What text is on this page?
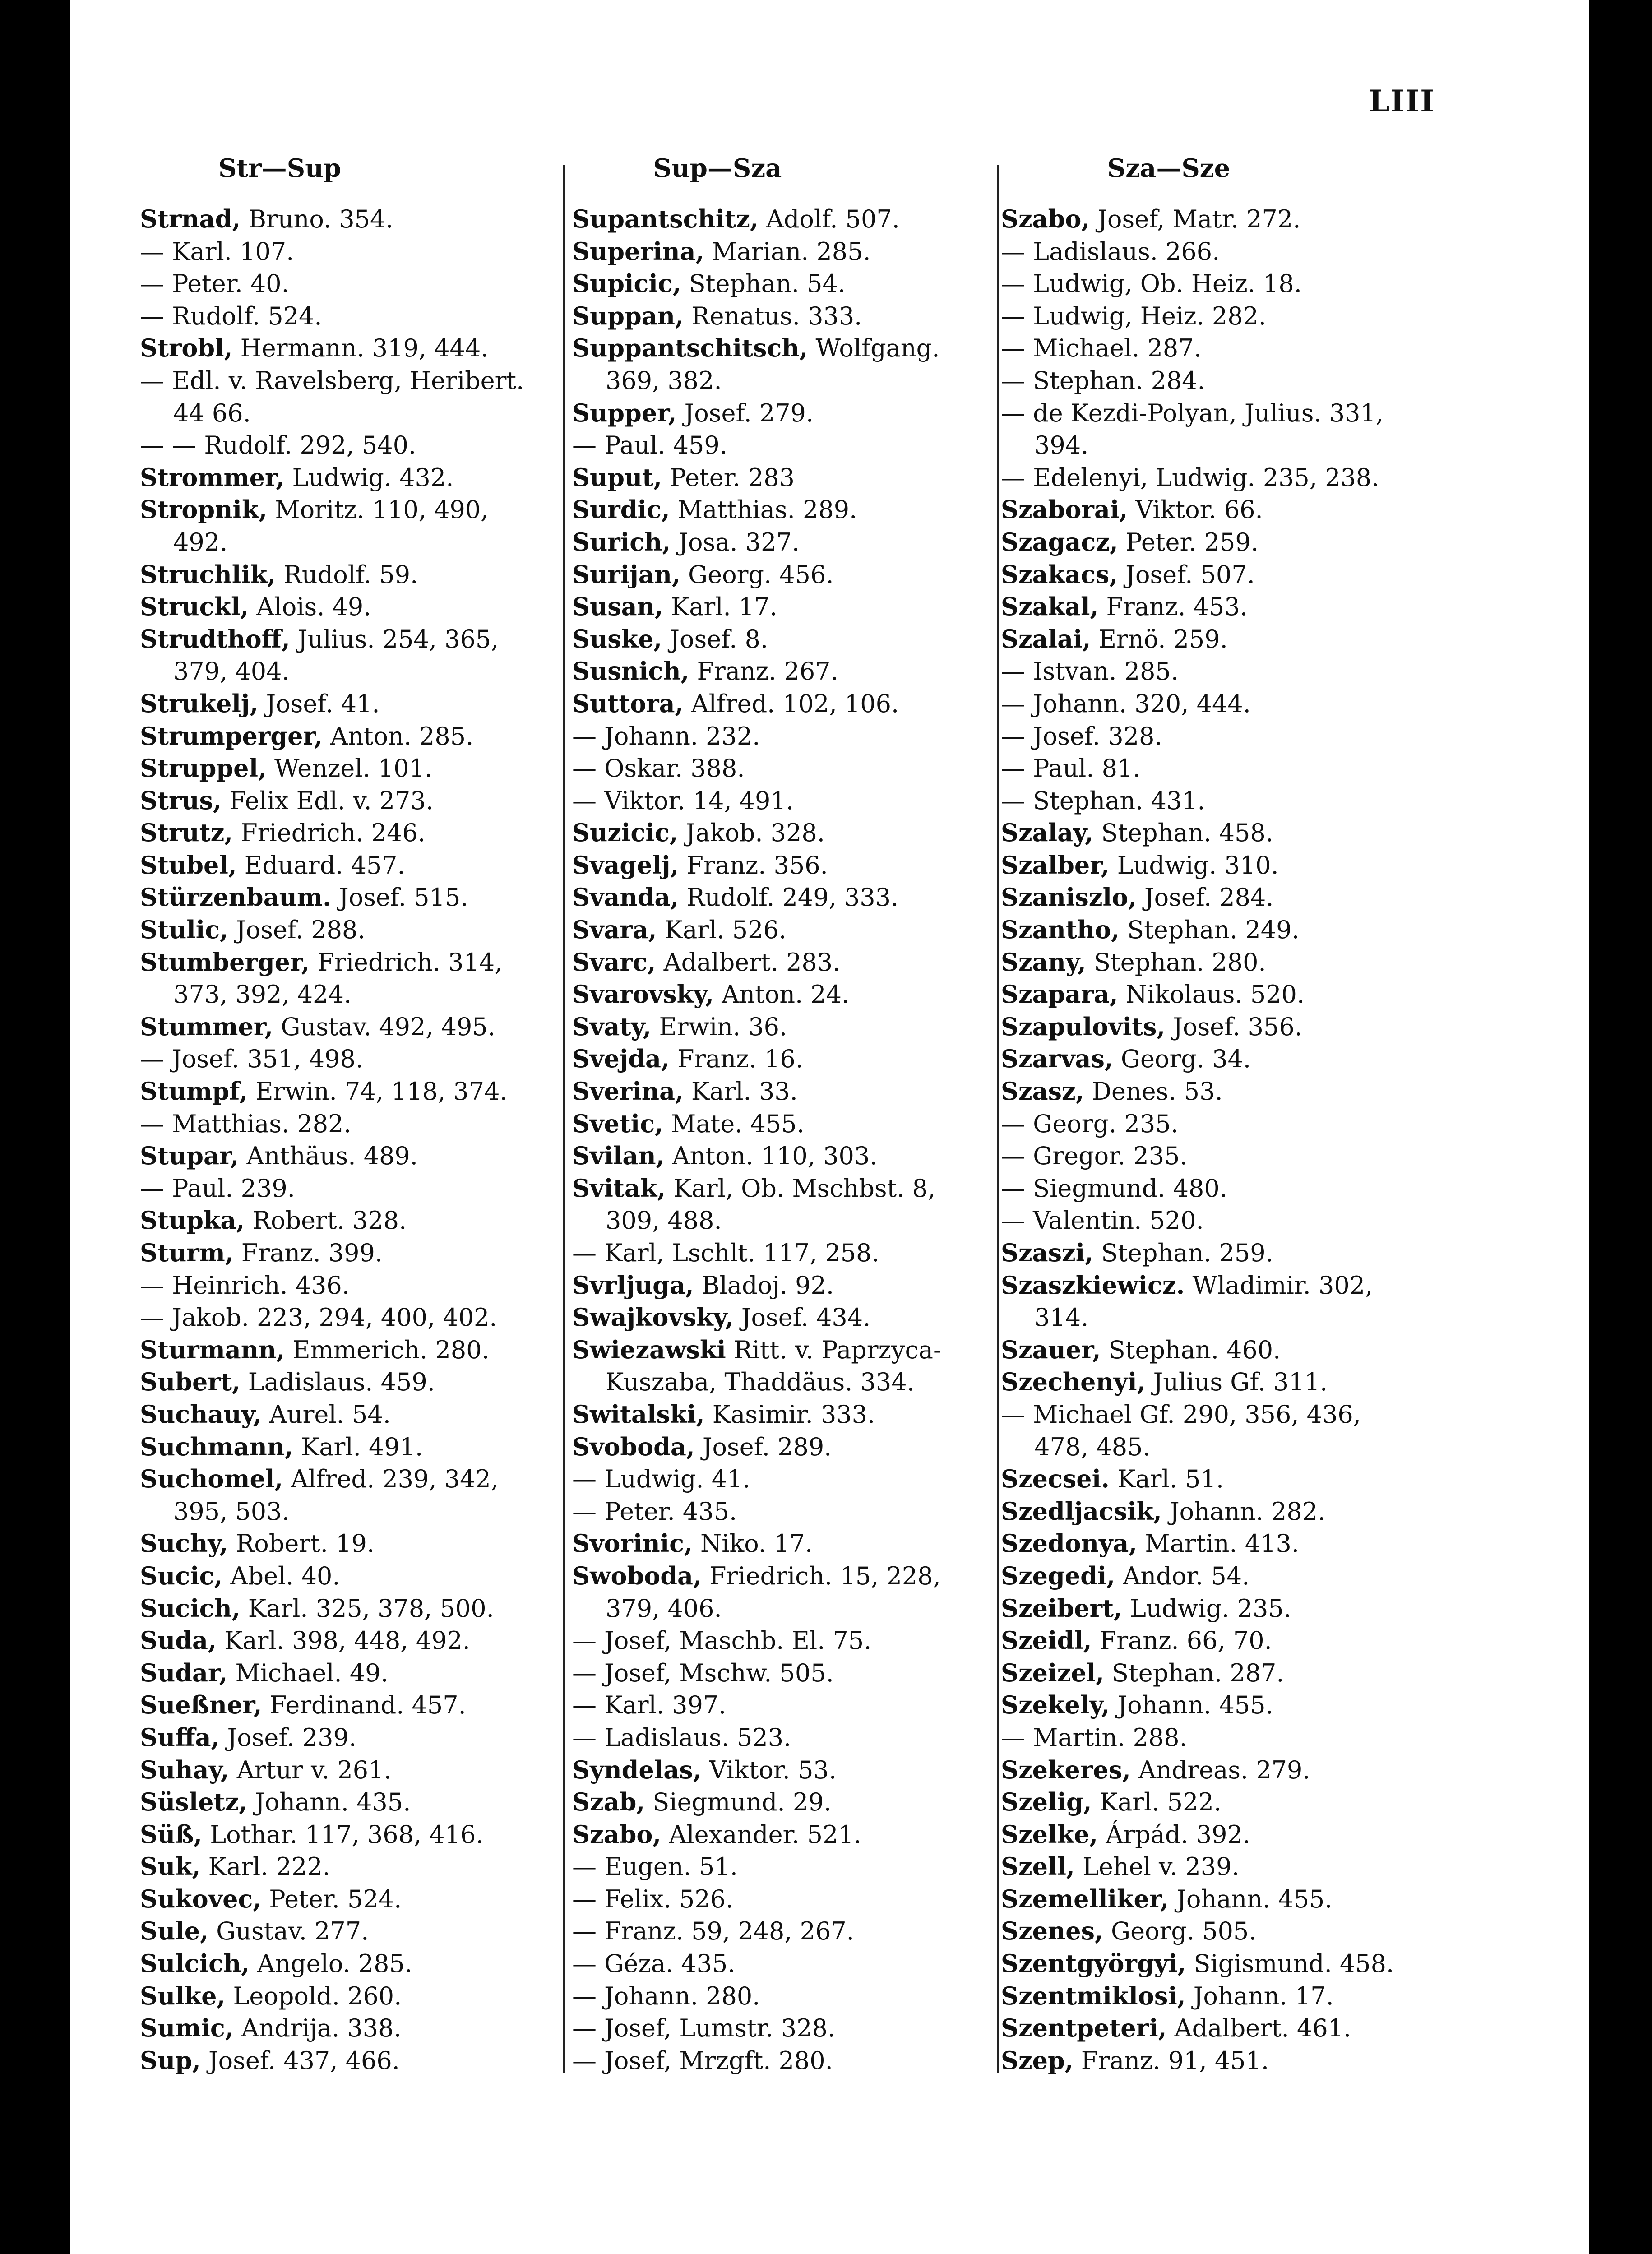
LIII
Str—Sup	Sup—Sza	Sza—Sze
Strnad, Bruno. 354.
— Karl. 107.
— Peter. 40.
— Rudolf. 524.
Strobl, Hermann. 319, 444.
— Edl. v. Ravelsberg, Heribert. 44 66.
— — Rudolf. 292, 540.
Strommer, Ludwig. 432.
Stropnik, Moritz. 110, 490, 492.
Struchlik, Rudolf. 59.
Struckl, Alois. 49.
Strudthoff, Julius. 254, 365, 379, 404.
Strukelj, Josef. 41.
Strumperger, Anton. 285.
Struppel, Wenzel. 101.
Strus, Felix Edl. v. 273.
Strutz, Friedrich. 246.
Stubel, Eduard. 457.
Stürzenbaum. Josef. 515.
Stulic, Josef. 288.
Stumberger, Friedrich. 314, 373, 392, 424.
Stummer, Gustav. 492, 495.
— Josef. 351, 498.
Stumpf, Erwin. 74, 118, 374.
— Matthias. 282.
Stupar, Anthäus. 489.
— Paul. 239.
Stupka, Robert. 328.
Sturm, Franz. 399.
— Heinrich. 436.
— Jakob. 223, 294, 400, 402.
Sturmann, Emmerich. 280.
Subert, Ladislaus. 459.
Suchauy, Aurel. 54.
Suchmann, Karl. 491.
Suchomel, Alfred. 239, 342, 395, 503.
Suchy, Robert. 19.
Sucic, Abel. 40.
Sucich, Karl. 325, 378, 500.
Suda, Karl. 398, 448, 492.
Sudar, Michael. 49.
Sueßner, Ferdinand. 457.
Suffa, Josef. 239.
Suhay, Artur v. 261.
Süsletz, Johann. 435.
Süß, Lothar. 117, 368, 416.
Suk, Karl. 222.
Sukovec, Peter. 524.
Sule, Gustav. 277.
Sulcich, Angelo. 285.
Sulke, Leopold. 260.
Sumic, Andrija. 338.
Sup, Josef. 437, 466.
Supantschitz, Adolf. 507.
Superina, Marian. 285.
Supicic, Stephan. 54.
Suppan, Renatus. 333.
Suppantschitsch, Wolfgang. 369, 382.
Supper, Josef. 279.
— Paul. 459.
Suput, Peter. 283
Surdic, Matthias. 289.
Surich, Josa. 327.
Surijan, Georg. 456.
Susan, Karl. 17.
Suske, Josef. 8.
Susnich, Franz. 267.
Suttora, Alfred. 102, 106.
— Johann. 232.
— Oskar. 388.
— Viktor. 14, 491.
Suzicic, Jakob. 328.
Svagelj, Franz. 356.
Svanda, Rudolf. 249, 333.
Svara, Karl. 526.
Svarc, Adalbert. 283.
Svarovsky, Anton. 24.
Svaty, Erwin. 36.
Svejda, Franz. 16.
Sverina, Karl. 33.
Svetic, Mate. 455.
Svilan, Anton. 110, 303.
Svitak, Karl, Ob. Mschbst. 8, 309, 488.
— Karl, Lschlt. 117, 258.
Svrljuga, Bladoj. 92.
Swajkovsky, Josef. 434.
Swiezawski Ritt. v. Paprzyca-Kuszaba, Thaddäus. 334.
Switalski, Kasimir. 333.
Svoboda, Josef. 289.
— Ludwig. 41.
— Peter. 435.
Svorinic, Niko. 17.
Swoboda, Friedrich. 15, 228, 379, 406.
— Josef, Maschb. El. 75.
— Josef, Mschw. 505.
— Karl. 397.
— Ladislaus. 523.
Syndelas, Viktor. 53.
Szab, Siegmund. 29.
Szabo, Alexander. 521.
— Eugen. 51.
— Felix. 526.
— Franz. 59, 248, 267.
— Géza. 435.
— Johann. 280.
— Josef, Lumstr. 328.
— Josef, Mrzgft. 280.
Szabo, Josef, Matr. 272.
— Ladislaus. 266.
— Ludwig, Ob. Heiz. 18.
— Ludwig, Heiz. 282.
— Michael. 287.
— Stephan. 284.
— de Kezdi-Polyan, Julius. 331, 394.
— Edelenyi, Ludwig. 235, 238.
Szaborai, Viktor. 66.
Szagacz, Peter. 259.
Szakacs, Josef. 507.
Szakal, Franz. 453.
Szalai, Ernö. 259.
— Istvan. 285.
— Johann. 320, 444.
— Josef. 328.
— Paul. 81.
— Stephan. 431.
Szalay, Stephan. 458.
Szalber, Ludwig. 310.
Szaniszlo, Josef. 284.
Szantho, Stephan. 249.
Szany, Stephan. 280.
Szapara, Nikolaus. 520.
Szapulovits, Josef. 356.
Szarvas, Georg. 34.
Szasz, Denes. 53.
— Georg. 235.
— Gregor. 235.
— Siegmund. 480.
— Valentin. 520.
Szaszi, Stephan. 259.
Szaszkiewicz. Wladimir. 302, 314.
Szauer, Stephan. 460.
Szechenyi, Julius Gf. 311.
— Michael Gf. 290, 356, 436, 478, 485.
Szecsei. Karl. 51.
Szedljacsik, Johann. 282.
Szedonya, Martin. 413.
Szegedi, Andor. 54.
Szeibert, Ludwig. 235.
Szeidl, Franz. 66, 70.
Szeizel, Stephan. 287.
Szekely, Johann. 455.
— Martin. 288.
Szekeres, Andreas. 279.
Szelig, Karl. 522.
Szelke, Árpád. 392.
Szell, Lehel v. 239.
Szemelliker, Johann. 455.
Szenes, Georg. 505.
Szentgyörgyi, Sigismund. 458.
Szentmiklosi, Johann. 17.
Szentpeteri, Adalbert. 461.
Szep, Franz. 91, 451.
